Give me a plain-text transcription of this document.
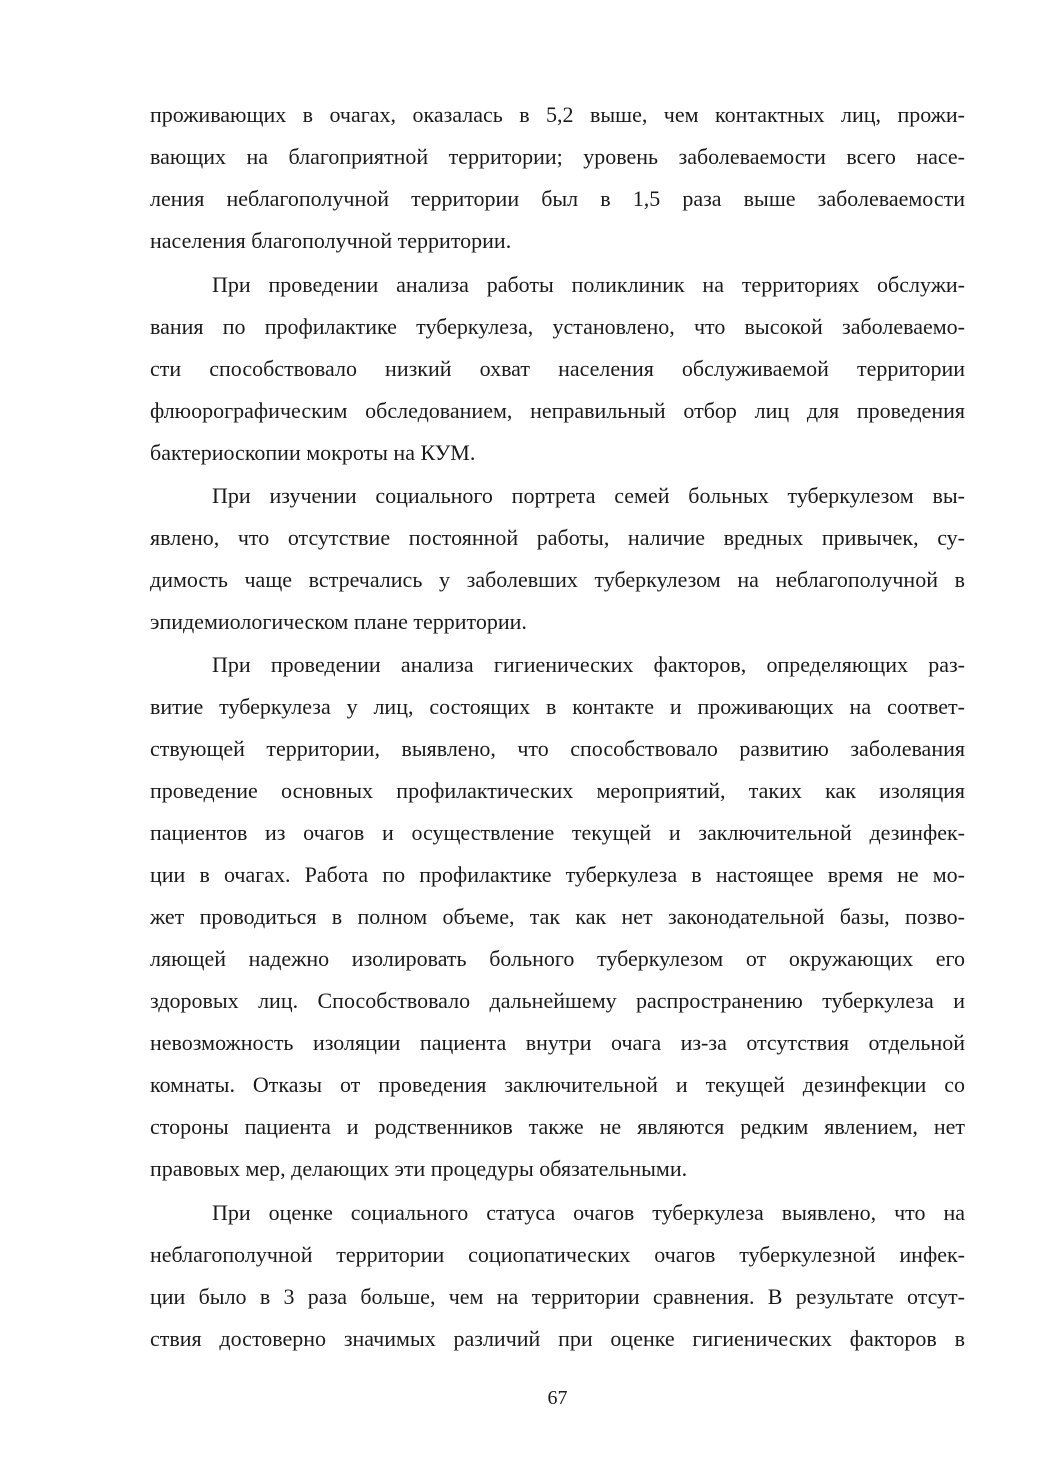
проживающих в очагах, оказалась в 5,2 выше, чем контактных лиц, прожи-
вающих на благоприятной территории; уровень заболеваемости всего насе-
ления неблагополучной территории был в 1,5 раза выше заболеваемости
населения благополучной территории.
При проведении анализа работы поликлиник на территориях обслужи-
вания по профилактике туберкулеза, установлено, что высокой заболеваемо-
сти способствовало низкий охват населения обслуживаемой территории
флюорографическим обследованием, неправильный отбор лиц для проведения
бактериоскопии мокроты на КУМ.
При изучении социального портрета семей больных туберкулезом вы-
явлено, что отсутствие постоянной работы, наличие вредных привычек, су-
димость чаще встречались у заболевших туберкулезом на неблагополучной в
эпидемиологическом плане территории.
При проведении анализа гигиенических факторов, определяющих раз-
витие туберкулеза у лиц, состоящих в контакте и проживающих на соответ-
ствующей территории, выявлено, что способствовало развитию заболевания
проведение основных профилактических мероприятий, таких как изоляция
пациентов из очагов и осуществление текущей и заключительной дезинфек-
ции в очагах. Работа по профилактике туберкулеза в настоящее время не мо-
жет проводиться в полном объеме, так как нет законодательной базы, позво-
ляющей надежно изолировать больного туберкулезом от окружающих его
здоровых лиц. Способствовало дальнейшему распространению туберкулеза и
невозможность изоляции пациента внутри очага из-за отсутствия отдельной
комнаты. Отказы от проведения заключительной и текущей дезинфекции со
стороны пациента и родственников также не являются редким явлением, нет
правовых мер, делающих эти процедуры обязательными.
При оценке социального статуса очагов туберкулеза выявлено, что на
неблагополучной территории социопатических очагов туберкулезной инфек-
ции было в 3 раза больше, чем на территории сравнения. В результате отсут-
ствия достоверно значимых различий при оценке гигиенических факторов в
67
